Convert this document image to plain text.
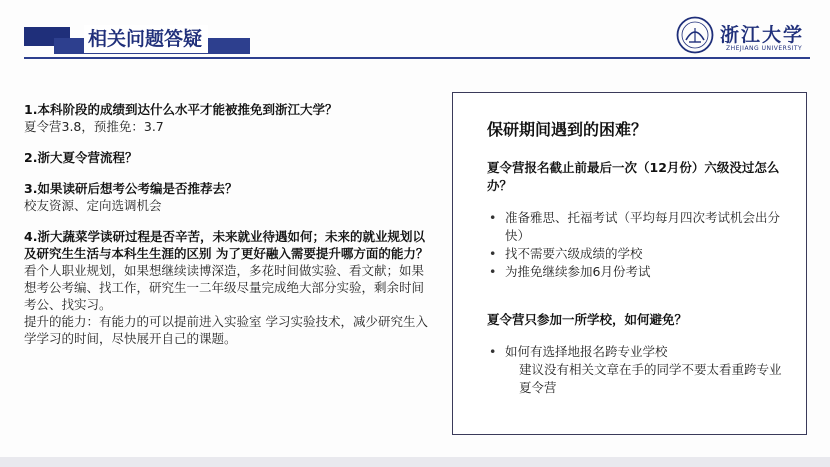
相关问题答疑	浙江大学
ZHEJIANG UNIVERSITY
1.本科阶段的成绩到达什么水平才能被推免到浙江大学？
夏令营3.8，预推免：3.7
2.浙大夏令营流程？
3.如果读研后想考公考编是否推荐去？
校友资源、定向选调机会
4.浙大蔬菜学读研过程是否辛苦，未来就业待遇如何；未来的就业规划以及研究生生活与本科生生涯的区别 为了更好融入需要提升哪方面的能力？
看个人职业规划，如果想继续读博深造，多花时间做实验、看文献；如果想考公考编、找工作，研究生一二年级尽量完成绝大部分实验，剩余时间考公、找实习。
提升的能力：有能力的可以提前进入实验室 学习实验技术，减少研究生入学学习的时间，尽快展开自己的课题。
保研期间遇到的困难？
夏令营报名截止前最后一次（12月份）六级没过怎么办？
• 准备雅思、托福考试（平均每月四次考试机会出分快）
• 找不需要六级成绩的学校
• 为推免继续参加6月份考试
夏令营只参加一所学校，如何避免？
• 如何有选择地报名跨专业学校
建议没有相关文章在手的同学不要太看重跨专业夏令营
